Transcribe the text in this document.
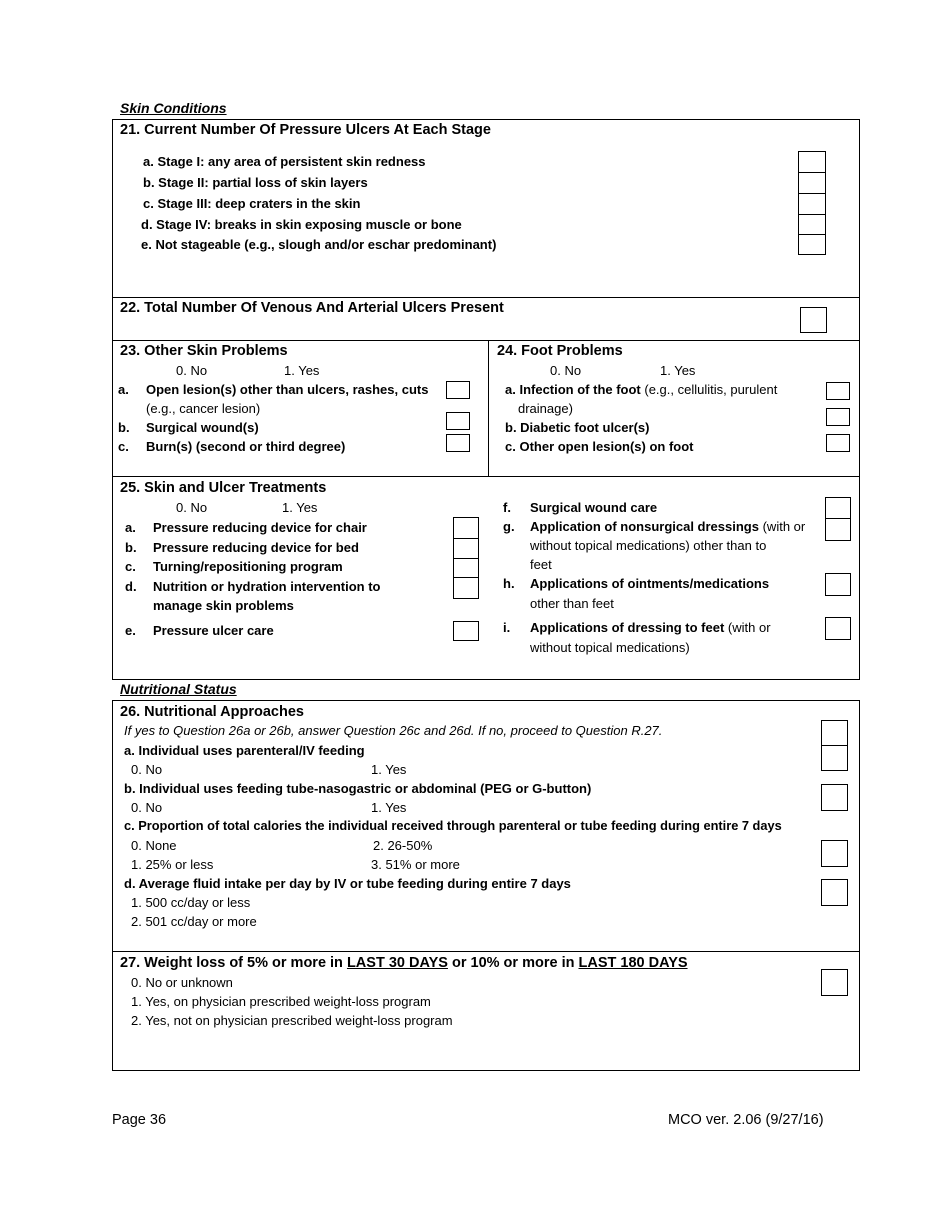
Skin Conditions
21. Current Number Of Pressure Ulcers At Each Stage
a. Stage I: any area of persistent skin redness
b. Stage II: partial loss of skin layers
c. Stage III: deep craters in the skin
d. Stage IV: breaks in skin exposing muscle or bone
e. Not stageable (e.g., slough and/or eschar predominant)
22. Total Number Of Venous And Arterial Ulcers Present
23. Other Skin Problems
0. No	1. Yes
a. Open lesion(s) other than ulcers, rashes, cuts
(e.g., cancer lesion)
b. Surgical wound(s)
c. Burn(s) (second or third degree)
24. Foot Problems
0. No	1. Yes
a. Infection of the foot (e.g., cellulitis, purulent
drainage)
b. Diabetic foot ulcer(s)
c. Other open lesion(s) on foot
25. Skin and Ulcer Treatments
0. No	1. Yes
a. Pressure reducing device for chair
b. Pressure reducing device for bed
c. Turning/repositioning program
d. Nutrition or hydration intervention to
manage skin problems
e. Pressure ulcer care
f. Surgical wound care
g. Application of nonsurgical dressings (with or
without topical medications) other than to
feet
h. Applications of ointments/medications
other than feet
i. Applications of dressing to feet (with or
without topical medications)
Nutritional Status
26. Nutritional Approaches
If yes to Question 26a or 26b, answer Question 26c and 26d. If no, proceed to Question R.27.
a. Individual uses parenteral/IV feeding
0. No	1. Yes
b. Individual uses feeding tube-nasogastric or abdominal (PEG or G-button)
0. No	1. Yes
c. Proportion of total calories the individual received through parenteral or tube feeding during entire 7 days
0. None	2. 26-50%
1. 25% or less	3. 51% or more
d. Average fluid intake per day by IV or tube feeding during entire 7 days
1. 500 cc/day or less
2. 501 cc/day or more
27. Weight loss of 5% or more in LAST 30 DAYS or 10% or more in LAST 180 DAYS
0. No or unknown
1. Yes, on physician prescribed weight-loss program
2. Yes, not on physician prescribed weight-loss program
Page 36	MCO ver. 2.06 (9/27/16)
